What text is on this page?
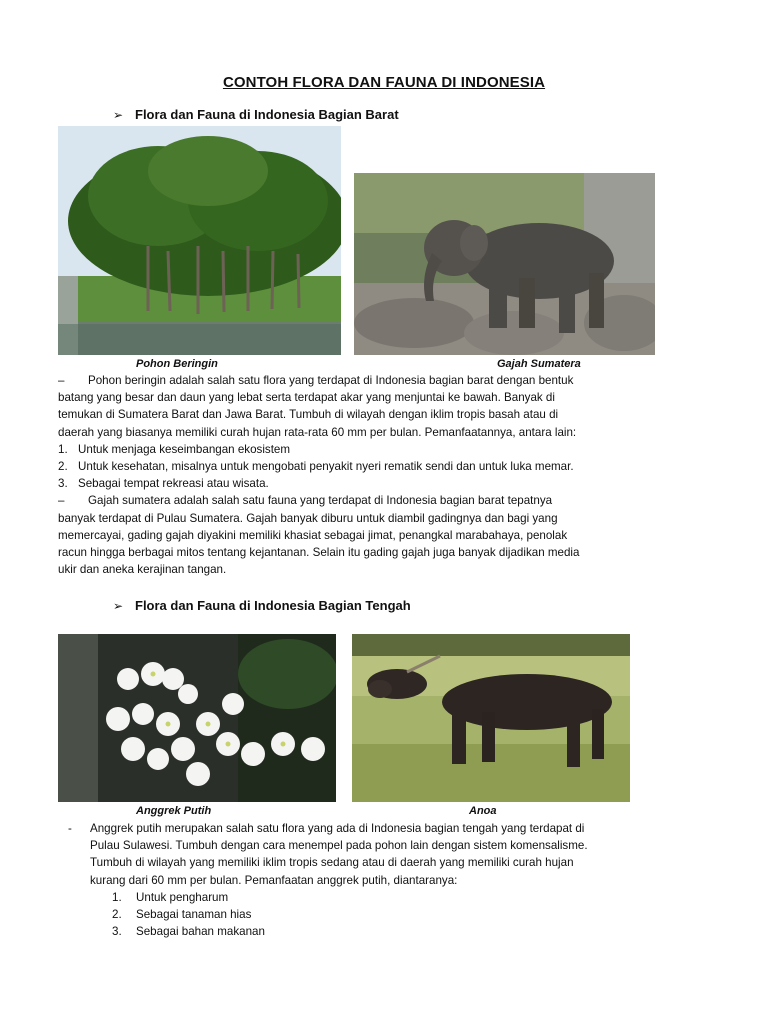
CONTOH FLORA DAN FAUNA DI INDONESIA
➢ Flora dan Fauna di Indonesia Bagian Barat
Pohon Beringin	Gajah Sumatera
–	Pohon beringin adalah salah satu flora yang terdapat di Indonesia bagian barat dengan bentuk

batang yang besar dan daun yang lebat serta terdapat akar yang menjuntai ke bawah. Banyak di

temukan di Sumatera Barat dan Jawa Barat. Tumbuh di wilayah dengan iklim tropis basah atau di

daerah yang biasanya memiliki curah hujan rata-rata 60 mm per bulan. Pemanfaatannya, antara lain:

1. Untuk menjaga keseimbangan ekosistem
2. Untuk kesehatan, misalnya untuk mengobati penyakit nyeri rematik sendi dan untuk luka memar.
3. Sebagai tempat rekreasi atau wisata.
–	Gajah sumatera adalah salah satu fauna yang terdapat di Indonesia bagian barat tepatnya

banyak terdapat di Pulau Sumatera. Gajah banyak diburu untuk diambil gadingnya dan bagi yang

memercayai, gading gajah diyakini memiliki khasiat sebagai jimat, penangkal marabahaya, penolak

racun hingga berbagai mitos tentang kejantanan. Selain itu gading gajah juga banyak dijadikan media

ukir dan aneka kerajinan tangan.

➢ Flora dan Fauna di Indonesia Bagian Tengah
Anggrek Putih	Anoa
-	Anggrek putih merupakan salah satu flora yang ada di Indonesia bagian tengah yang terdapat di

Pulau Sulawesi. Tumbuh dengan cara menempel pada pohon lain dengan sistem komensalisme.

Tumbuh di wilayah yang memiliki iklim tropis sedang atau di daerah yang memiliki curah hujan

kurang dari 60 mm per bulan. Pemanfaatan anggrek putih, diantaranya:

1.	Untuk pengharum
2.	Sebagai tanaman hias
3.	Sebagai bahan makanan
